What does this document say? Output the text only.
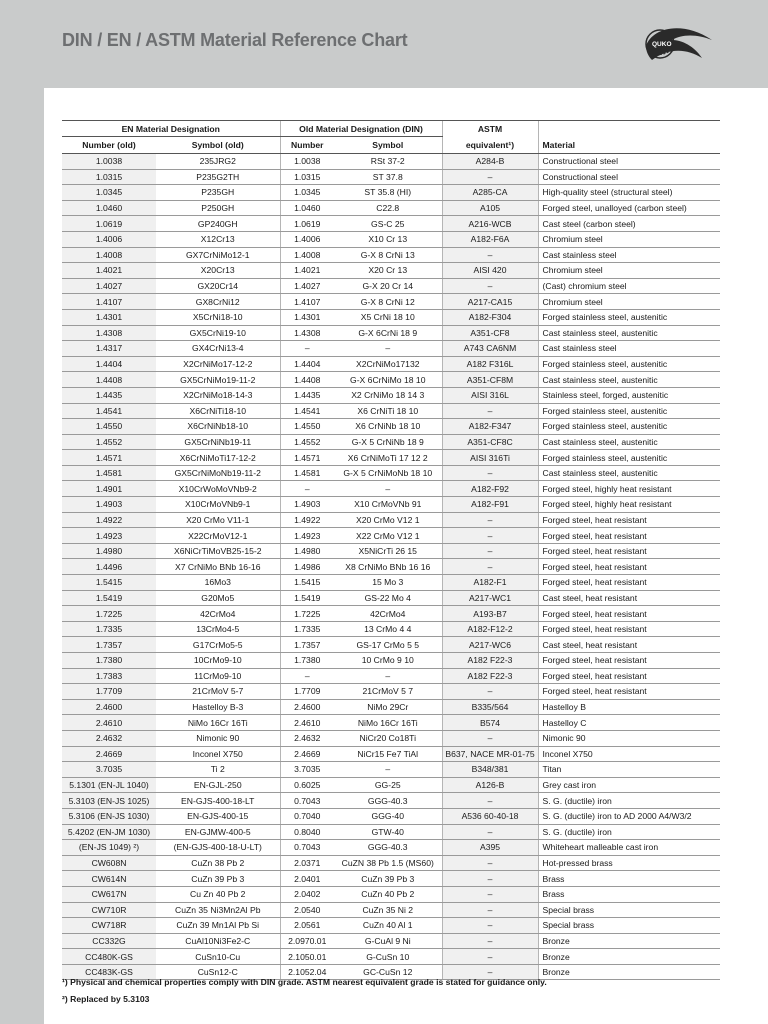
DIN / EN / ASTM Material Reference Chart	QUKO
EN Material Designation		Old Material Designation (DIN)		ASTM	
Number (old)	Symbol (old)	Number	Symbol	equivalent¹)	Material
1.0038	235JRG2	1.0038	RSt 37-2	A284-B	Constructional steel
1.0315	P235G2TH	1.0315	ST 37.8	–	Constructional steel
1.0345	P235GH	1.0345	ST 35.8 (HI)	A285-CA	High-quality steel (structural steel)
1.0460	P250GH	1.0460	C22.8	A105	Forged steel, unalloyed (carbon steel)
1.0619	GP240GH	1.0619	GS-C 25	A216-WCB	Cast steel (carbon steel)
1.4006	X12Cr13	1.4006	X10 Cr 13	A182-F6A	Chromium steel
1.4008	GX7CrNiMo12-1	1.4008	G-X 8 CrNi 13	–	Cast stainless steel
1.4021	X20Cr13	1.4021	X20 Cr 13	AISI 420	Chromium steel
1.4027	GX20Cr14	1.4027	G-X 20 Cr 14	–	(Cast) chromium steel
1.4107	GX8CrNi12	1.4107	G-X 8 CrNi 12	A217-CA15	Chromium steel
1.4301	X5CrNi18-10	1.4301	X5 CrNi 18 10	A182-F304	Forged stainless steel, austenitic
1.4308	GX5CrNi19-10	1.4308	G-X 6CrNi 18 9	A351-CF8	Cast stainless steel, austenitic
1.4317	GX4CrNi13-4	–	–	A743 CA6NM	Cast stainless steel
1.4404	X2CrNiMo17-12-2	1.4404	X2CrNiMo17132	A182 F316L	Forged stainless steel, austenitic
1.4408	GX5CrNiMo19-11-2	1.4408	G-X 6CrNiMo 18 10	A351-CF8M	Cast stainless steel, austenitic
1.4435	X2CrNiMo18-14-3	1.4435	X2 CrNiMo 18 14 3	AISI 316L	Stainless steel, forged, austenitic
1.4541	X6CrNiTi18-10	1.4541	X6 CrNiTi 18 10	–	Forged stainless steel, austenitic
1.4550	X6CrNiNb18-10	1.4550	X6 CrNiNb 18 10	A182-F347	Forged stainless steel, austenitic
1.4552	GX5CrNiNb19-11	1.4552	G-X 5 CrNiNb 18 9	A351-CF8C	Cast stainless steel, austenitic
1.4571	X6CrNiMoTi17-12-2	1.4571	X6 CrNiMoTi 17 12 2	AISI 316Ti	Forged stainless steel, austenitic
1.4581	GX5CrNiMoNb19-11-2	1.4581	G-X 5 CrNiMoNb 18 10	–	Cast stainless steel, austenitic
1.4901	X10CrWoMoVNb9-2	–	–	A182-F92	Forged steel, highly heat resistant
1.4903	X10CrMoVNb9-1	1.4903	X10 CrMoVNb 91	A182-F91	Forged steel, highly heat resistant
1.4922	X20 CrMo V11-1	1.4922	X20 CrMo V12 1	–	Forged steel, heat resistant
1.4923	X22CrMoV12-1	1.4923	X22 CrMo V12 1	–	Forged steel, heat resistant
1.4980	X6NiCrTiMoVB25-15-2	1.4980	X5NiCrTi 26 15	–	Forged steel, heat resistant
1.4496	X7 CrNiMo BNb 16-16	1.4986	X8 CrNiMo BNb 16 16	–	Forged steel, heat resistant
1.5415	16Mo3	1.5415	15 Mo 3	A182-F1	Forged steel, heat resistant
1.5419	G20Mo5	1.5419	GS-22 Mo 4	A217-WC1	Cast steel, heat resistant
1.7225	42CrMo4	1.7225	42CrMo4	A193-B7	Forged steel, heat resistant
1.7335	13CrMo4-5	1.7335	13 CrMo 4 4	A182-F12-2	Forged steel, heat resistant
1.7357	G17CrMo5-5	1.7357	GS-17 CrMo 5 5	A217-WC6	Cast steel, heat resistant
1.7380	10CrMo9-10	1.7380	10 CrMo 9 10	A182 F22-3	Forged steel, heat resistant
1.7383	11CrMo9-10	–	–	A182 F22-3	Forged steel, heat resistant
1.7709	21CrMoV 5-7	1.7709	21CrMoV 5 7	–	Forged steel, heat resistant
2.4600	Hastelloy B-3	2.4600	NiMo 29Cr	B335/564	Hastelloy B
2.4610	NiMo 16Cr 16Ti	2.4610	NiMo 16Cr 16Ti	B574	Hastelloy C
2.4632	Nimonic 90	2.4632	NiCr20 Co18Ti	–	Nimonic 90
2.4669	Inconel X750	2.4669	NiCr15 Fe7 TiAl	B637, NACE MR-01-75	Inconel X750
3.7035	Ti 2	3.7035	–	B348/381	Titan
5.1301 (EN-JL 1040)	EN-GJL-250	0.6025	GG-25	A126-B	Grey cast iron
5.3103 (EN-JS 1025)	EN-GJS-400-18-LT	0.7043	GGG-40.3	–	S. G. (ductile) iron
5.3106 (EN-JS 1030)	EN-GJS-400-15	0.7040	GGG-40	A536 60-40-18	S. G. (ductile) iron to AD 2000 A4/W3/2
5.4202 (EN-JM 1030)	EN-GJMW-400-5	0.8040	GTW-40	–	S. G. (ductile) iron
(EN-JS 1049) ²)	(EN-GJS-400-18-U-LT)	0.7043	GGG-40.3	A395	Whiteheart malleable cast iron
CW608N	CuZn 38 Pb 2	2.0371	CuZN 38 Pb 1.5 (MS60)	–	Hot-pressed brass
CW614N	CuZn 39 Pb 3	2.0401	CuZn 39 Pb 3	–	Brass
CW617N	Cu Zn 40 Pb 2	2.0402	CuZn 40 Pb 2	–	Brass
CW710R	CuZn 35 Ni3Mn2Al Pb	2.0540	CuZn 35 Ni 2	–	Special brass
CW718R	CuZn 39 Mn1Al Pb Si	2.0561	CuZn 40 Al 1	–	Special brass
CC332G	CuAl10Ni3Fe2-C	2.0970.01	G-CuAl 9 Ni	–	Bronze
CC480K-GS	CuSn10-Cu	2.1050.01	G-CuSn 10	–	Bronze
CC483K-GS	CuSn12-C	2.1052.04	GC-CuSn 12	–	Bronze
¹) Physical and chemical properties comply with DIN grade. ASTM nearest equivalent grade is stated for guidance only.
²) Replaced by 5.3103
